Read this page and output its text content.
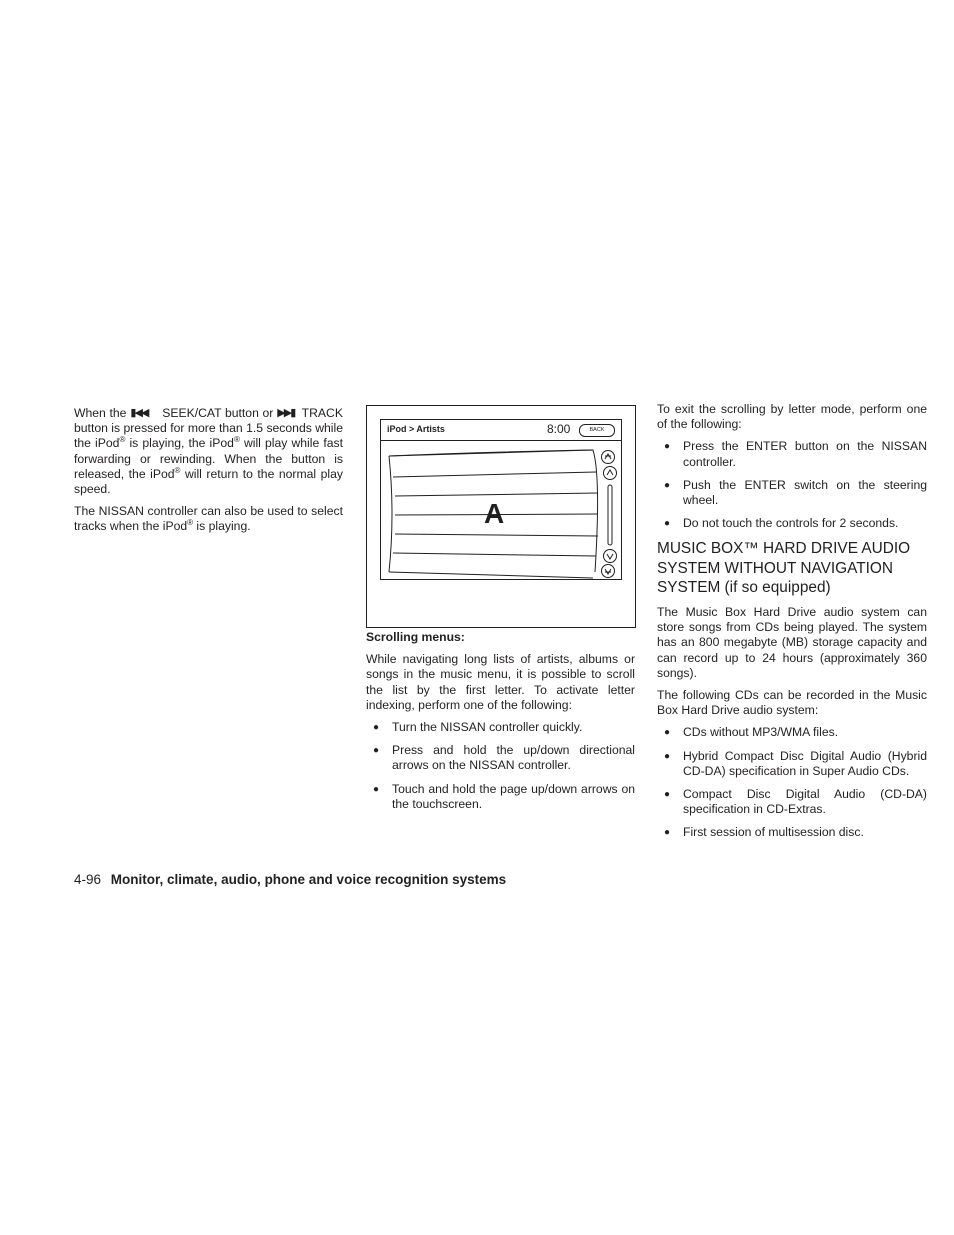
When the ▮◀◀ SEEK/CAT button or ▶▶▮ TRACK button is pressed for more than 1.5 seconds while the iPod® is playing, the iPod® will play while fast forwarding or rewinding. When the button is released, the iPod® will return to the normal play speed.

The NISSAN controller can also be used to select tracks when the iPod® is playing.

iPod > Artists	8:00	BACK
A

Scrolling menus:

While navigating long lists of artists, albums or songs in the music menu, it is possible to scroll the list by the first letter. To activate letter indexing, perform one of the following:

● Turn the NISSAN controller quickly.
● Press and hold the up/down directional arrows on the NISSAN controller.
● Touch and hold the page up/down arrows on the touchscreen.

To exit the scrolling by letter mode, perform one of the following:

● Press the ENTER button on the NISSAN controller.
● Push the ENTER switch on the steering wheel.
● Do not touch the controls for 2 seconds.
MUSIC BOX™ HARD DRIVE AUDIO SYSTEM WITHOUT NAVIGATION SYSTEM (if so equipped)

The Music Box Hard Drive audio system can store songs from CDs being played. The system has an 800 megabyte (MB) storage capacity and can record up to 24 hours (approximately 360 songs).

The following CDs can be recorded in the Music Box Hard Drive audio system:

● CDs without MP3/WMA files.
● Hybrid Compact Disc Digital Audio (Hybrid CD-DA) specification in Super Audio CDs.
● Compact Disc Digital Audio (CD-DA) specification in CD-Extras.
● First session of multisession disc.
4-96 Monitor, climate, audio, phone and voice recognition systems
